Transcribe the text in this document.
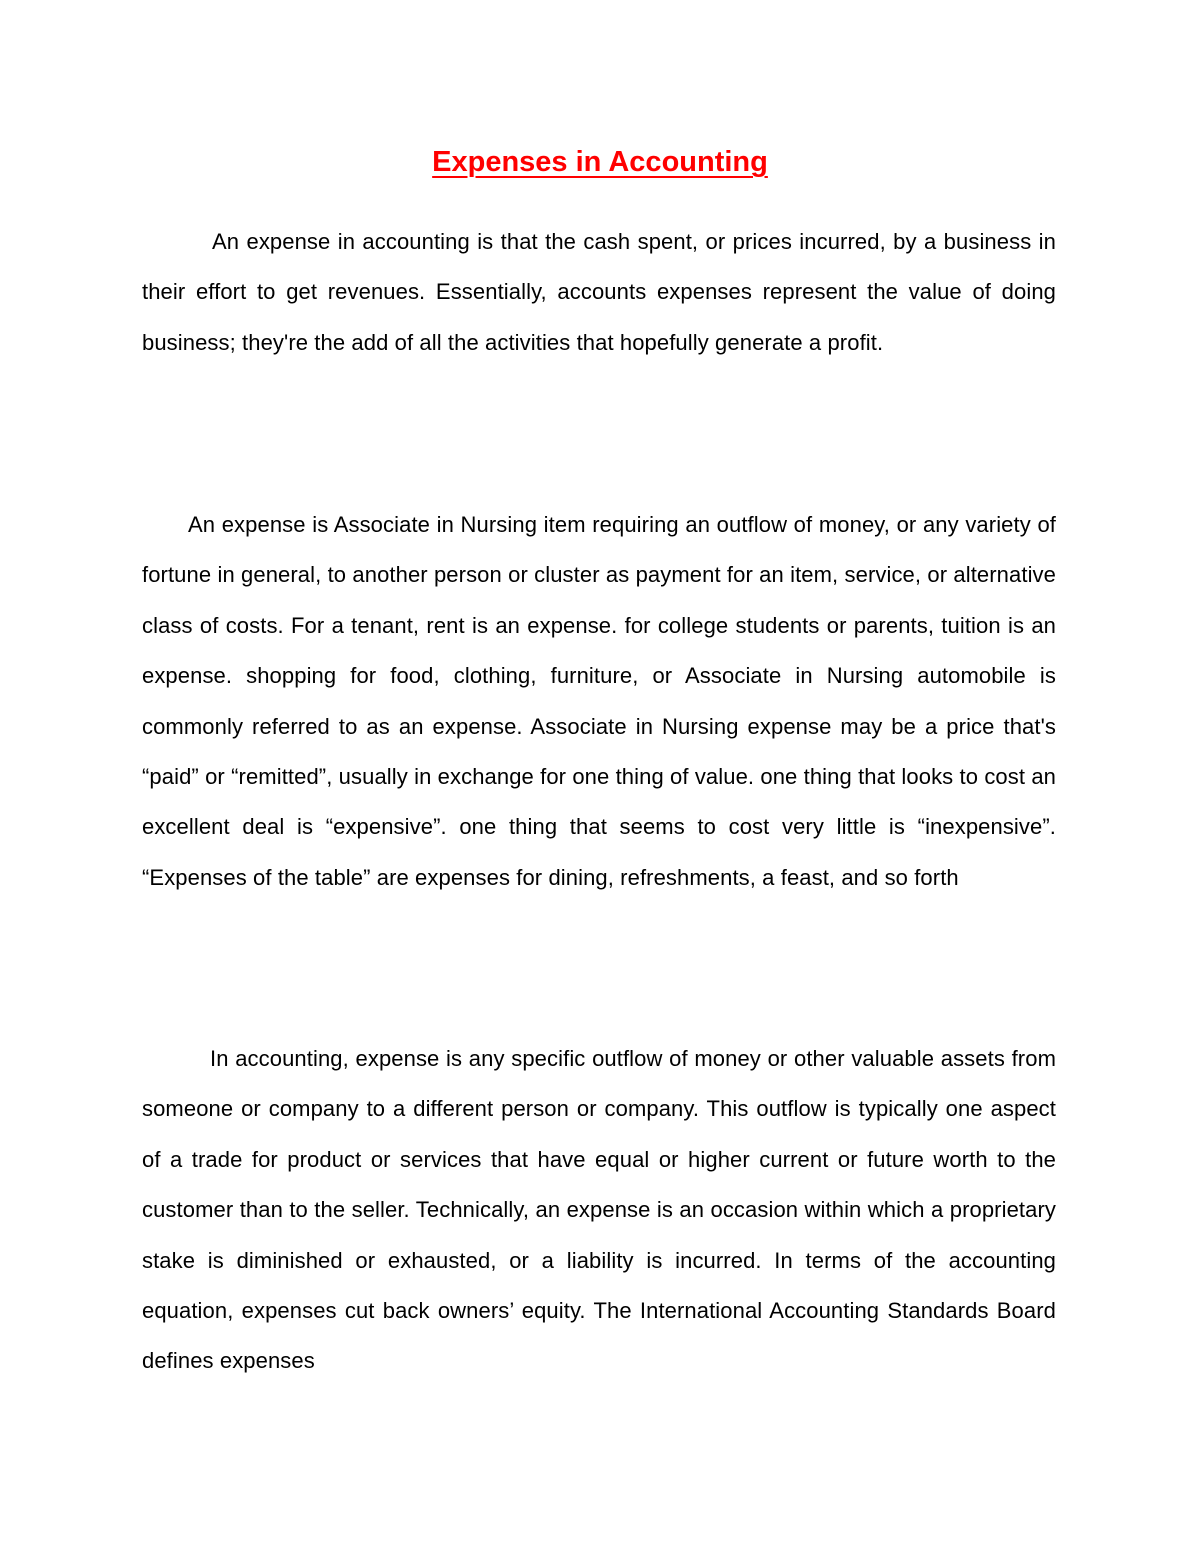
Expenses in Accounting

An expense in accounting is that the cash spent, or prices incurred, by a business in their effort to get revenues. Essentially, accounts expenses represent the value of doing business; they're the add of all the activities that hopefully generate a profit.

An expense is Associate in Nursing item requiring an outflow of money, or any variety of fortune in general, to another person or cluster as payment for an item, service, or alternative class of costs. For a tenant, rent is an expense. for college students or parents, tuition is an expense. shopping for food, clothing, furniture, or Associate in Nursing automobile is commonly referred to as an expense. Associate in Nursing expense may be a price that's “paid” or “remitted”, usually in exchange for one thing of value. one thing that looks to cost an excellent deal is “expensive”. one thing that seems to cost very little is “inexpensive”. “Expenses of the table” are expenses for dining, refreshments, a feast, and so forth

In accounting, expense is any specific outflow of money or other valuable assets from someone or company to a different person or company. This outflow is typically one aspect of a trade for product or services that have equal or higher current or future worth to the customer than to the seller. Technically, an expense is an occasion within which a proprietary stake is diminished or exhausted, or a liability is incurred. In terms of the accounting equation, expenses cut back owners’ equity. The International Accounting Standards Board defines expenses
